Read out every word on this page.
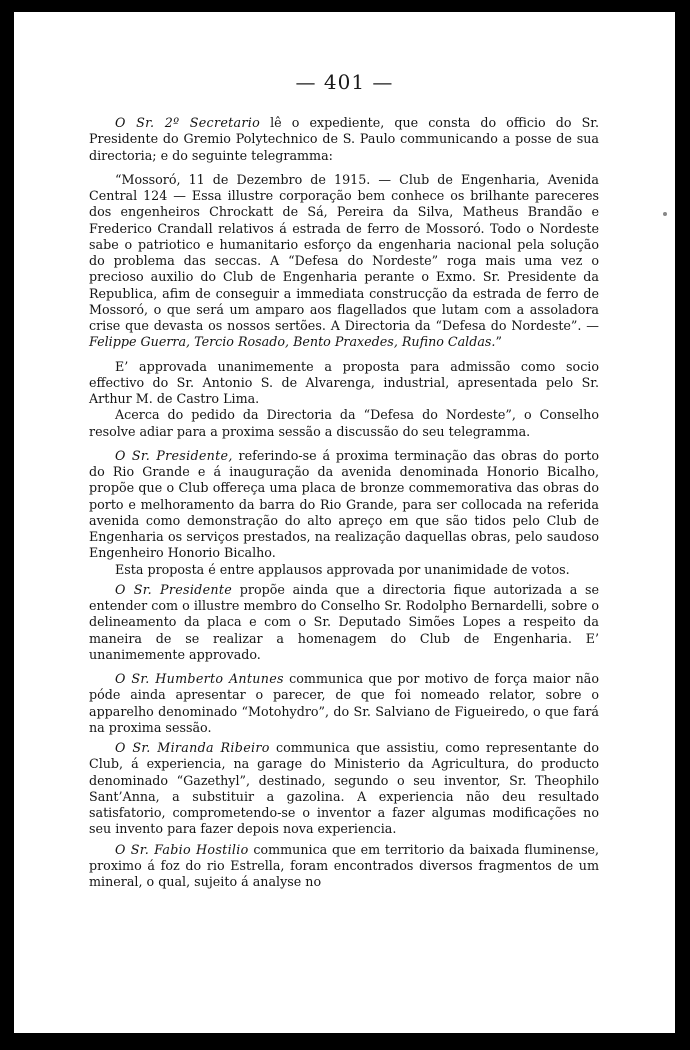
— 401 —

O Sr. 2º Secretario lê o expediente, que consta do officio do Sr. Presidente do Gremio Polytechnico de S. Paulo communicando a posse de sua directoria; e do seguinte telegramma:

“Mossoró, 11 de Dezembro de 1915. — Club de Engenharia, Avenida Central 124 — Essa illustre corporação bem conhece os brilhante pareceres dos engenheiros Chrockatt de Sá, Pereira da Silva, Matheus Brandão e Frederico Crandall relativos á estrada de ferro de Mossoró. Todo o Nordeste sabe o patriotico e humanitario esforço da engenharia nacional pela solução do problema das seccas. A “Defesa do Nordeste” roga mais uma vez o precioso auxilio do Club de Engenharia perante o Exmo. Sr. Presidente da Republica, afim de conseguir a immediata construcção da estrada de ferro de Mossoró, o que será um amparo aos flagellados que lutam com a assoladora crise que devasta os nossos sertões. A Directoria da “Defesa do Nordeste”. — Felippe Guerra, Tercio Rosado, Bento Praxedes, Rufino Caldas.”

E’ approvada unanimemente a proposta para admissão como socio effectivo do Sr. Antonio S. de Alvarenga, industrial, apresentada pelo Sr. Arthur M. de Castro Lima.

Acerca do pedido da Directoria da “Defesa do Nordeste”, o Conselho resolve adiar para a proxima sessão a discussão do seu telegramma.

O Sr. Presidente, referindo-se á proxima terminação das obras do porto do Rio Grande e á inauguração da avenida denominada Honorio Bicalho, propõe que o Club offereça uma placa de bronze commemorativa das obras do porto e melhoramento da barra do Rio Grande, para ser collocada na referida avenida como demonstração do alto apreço em que são tidos pelo Club de Engenharia os serviços prestados, na realização daquellas obras, pelo saudoso Engenheiro Honorio Bicalho.

Esta proposta é entre applausos approvada por unanimidade de votos.

O Sr. Presidente propõe ainda que a directoria fique autorizada a se entender com o illustre membro do Conselho Sr. Rodolpho Bernardelli, sobre o delineamento da placa e com o Sr. Deputado Simões Lopes a respeito da maneira de se realizar a homenagem do Club de Engenharia. E’ unanimemente approvado.

O Sr. Humberto Antunes communica que por motivo de força maior não póde ainda apresentar o parecer, de que foi nomeado relator, sobre o apparelho denominado “Motohydro”, do Sr. Salviano de Figueiredo, o que fará na proxima sessão.

O Sr. Miranda Ribeiro communica que assistiu, como representante do Club, á experiencia, na garage do Ministerio da Agricultura, do producto denominado “Gazethyl”, destinado, segundo o seu inventor, Sr. Theophilo Sant’Anna, a substituir a gazolina. A experiencia não deu resultado satisfatorio, comprometendo-se o inventor a fazer algumas modificações no seu invento para fazer depois nova experiencia.

O Sr. Fabio Hostilio communica que em territorio da baixada fluminense, proximo á foz do rio Estrella, foram encontrados diversos fragmentos de um mineral, o qual, sujeito á analyse no
